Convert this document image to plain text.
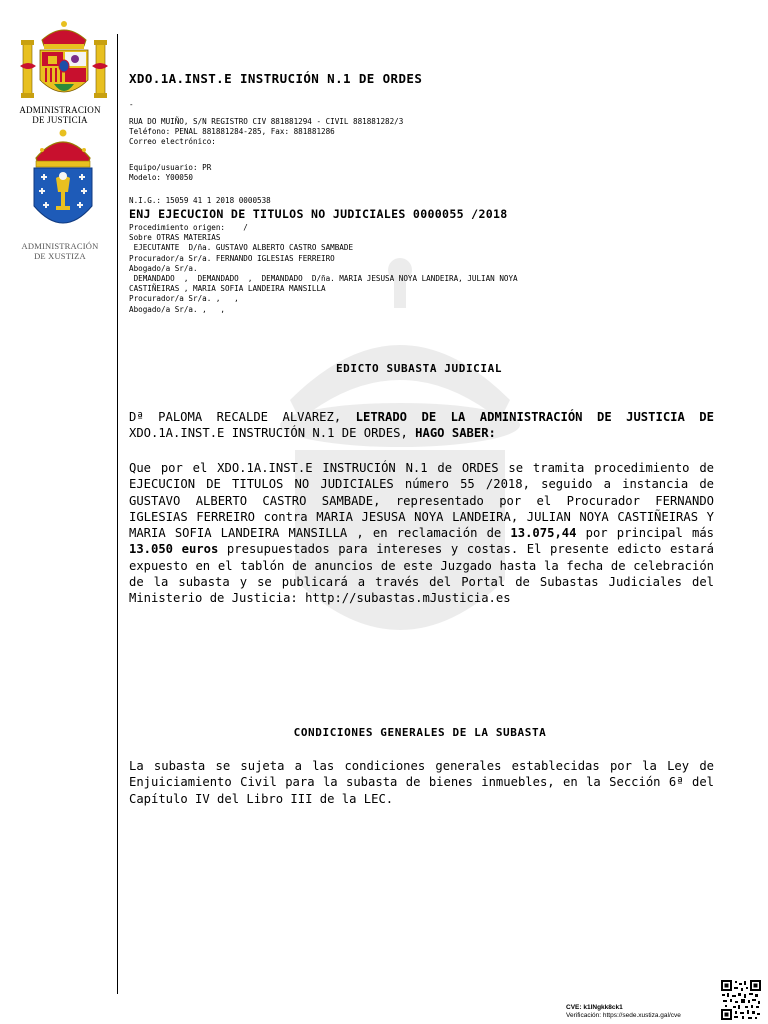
ADMINISTRACION
DE JUSTICIA
ADMINISTRACIÓN
DE XUSTIZA
XDO.1A.INST.E INSTRUCIÓN N.1 DE ORDES
-
RUA DO MUIÑO, S/N REGISTRO CIV 881881294 - CIVIL 881881282/3
Teléfono: PENAL 881881284-285, Fax: 881881286
Correo electrónico:
Equipo/usuario: PR
Modelo: Y00050
N.I.G.: 15059 41 1 2018 0000538
ENJ EJECUCION DE TITULOS NO JUDICIALES 0000055 /2018
Procedimiento origen:    /
Sobre OTRAS MATERIAS
EJECUTANTE  D/ña. GUSTAVO ALBERTO CASTRO SAMBADE
Procurador/a Sr/a. FERNANDO IGLESIAS FERREIRO
Abogado/a Sr/a.
DEMANDADO  ,  DEMANDADO  ,  DEMANDADO  D/ña. MARIA JESUSA NOYA LANDEIRA, JULIAN NOYA
CASTIÑEIRAS , MARIA SOFIA LANDEIRA MANSILLA
Procurador/a Sr/a. ,   ,
Abogado/a Sr/a. ,   ,
EDICTO SUBASTA JUDICIAL
Dª PALOMA RECALDE ALVAREZ, LETRADO DE LA ADMINISTRACIÓN DE JUSTICIA DE XDO.1A.INST.E INSTRUCIÓN N.1 DE ORDES, HAGO SABER:
Que por el XDO.1A.INST.E INSTRUCIÓN N.1 de ORDES se tramita procedimiento de EJECUCION DE TITULOS NO JUDICIALES número 55 /2018, seguido a instancia de GUSTAVO ALBERTO CASTRO SAMBADE, representado por el Procurador FERNANDO IGLESIAS FERREIRO contra MARIA JESUSA NOYA LANDEIRA, JULIAN NOYA CASTIÑEIRAS Y MARIA SOFIA LANDEIRA MANSILLA , en reclamación de 13.075,44 por principal más 13.050 euros presupuestados para intereses y costas. El presente edicto estará expuesto en el tablón de anuncios de este Juzgado hasta la fecha de celebración de la subasta y se publicará a través del Portal de Subastas Judiciales del Ministerio de Justicia: http://subastas.mJusticia.es
CONDICIONES GENERALES DE LA SUBASTA
La subasta se sujeta a las condiciones generales establecidas por la Ley de Enjuiciamiento Civil para la subasta de bienes inmuebles, en la Sección 6ª del Capítulo IV del Libro III de la LEC.
CVE: k1lNgkk8ck1
Verificación: https://sede.xustiza.gal/cve
